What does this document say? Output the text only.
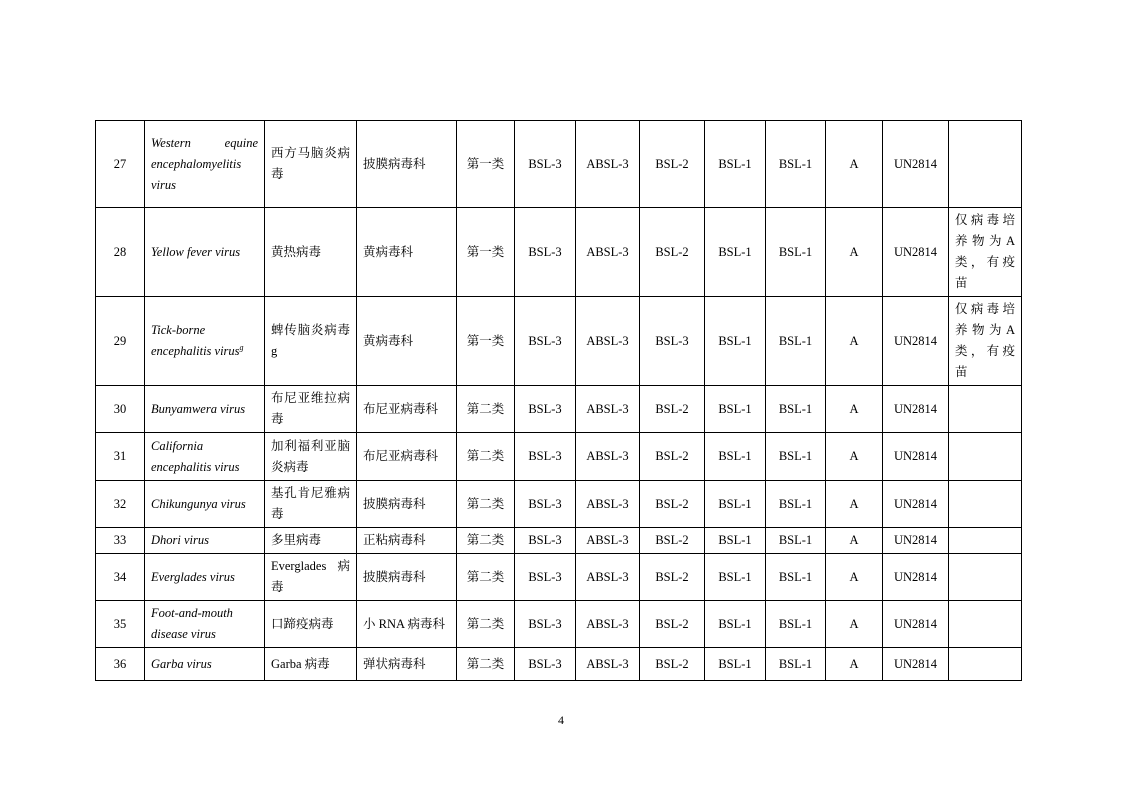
27	Western equine encephalomyelitis virus	西方马脑炎病毒	披膜病毒科	第一类	BSL-3	ABSL-3	BSL-2	BSL-1	BSL-1	A	UN2814	
28	Yellow fever virus	黄热病毒	黄病毒科	第一类	BSL-3	ABSL-3	BSL-2	BSL-1	BSL-1	A	UN2814	仅病毒培养物为A类，有疫苗
29	Tick-borne encephalitis virus$^g$	蜱传脑炎病毒 g	黄病毒科	第一类	BSL-3	ABSL-3	BSL-3	BSL-1	BSL-1	A	UN2814	仅病毒培养物为A类，有疫苗
30	Bunyamwera virus	布尼亚维拉病毒	布尼亚病毒科	第二类	BSL-3	ABSL-3	BSL-2	BSL-1	BSL-1	A	UN2814	
31	California encephalitis virus	加利福利亚脑炎病毒	布尼亚病毒科	第二类	BSL-3	ABSL-3	BSL-2	BSL-1	BSL-1	A	UN2814	
32	Chikungunya virus	基孔肯尼雅病毒	披膜病毒科	第二类	BSL-3	ABSL-3	BSL-2	BSL-1	BSL-1	A	UN2814	
33	Dhori virus	多里病毒	正粘病毒科	第二类	BSL-3	ABSL-3	BSL-2	BSL-1	BSL-1	A	UN2814	
34	Everglades virus	Everglades 病毒	披膜病毒科	第二类	BSL-3	ABSL-3	BSL-2	BSL-1	BSL-1	A	UN2814	
35	Foot-and-mouth disease virus	口蹄疫病毒	小 RNA 病毒科	第二类	BSL-3	ABSL-3	BSL-2	BSL-1	BSL-1	A	UN2814	
36	Garba virus	Garba 病毒	弹状病毒科	第二类	BSL-3	ABSL-3	BSL-2	BSL-1	BSL-1	A	UN2814	
4
